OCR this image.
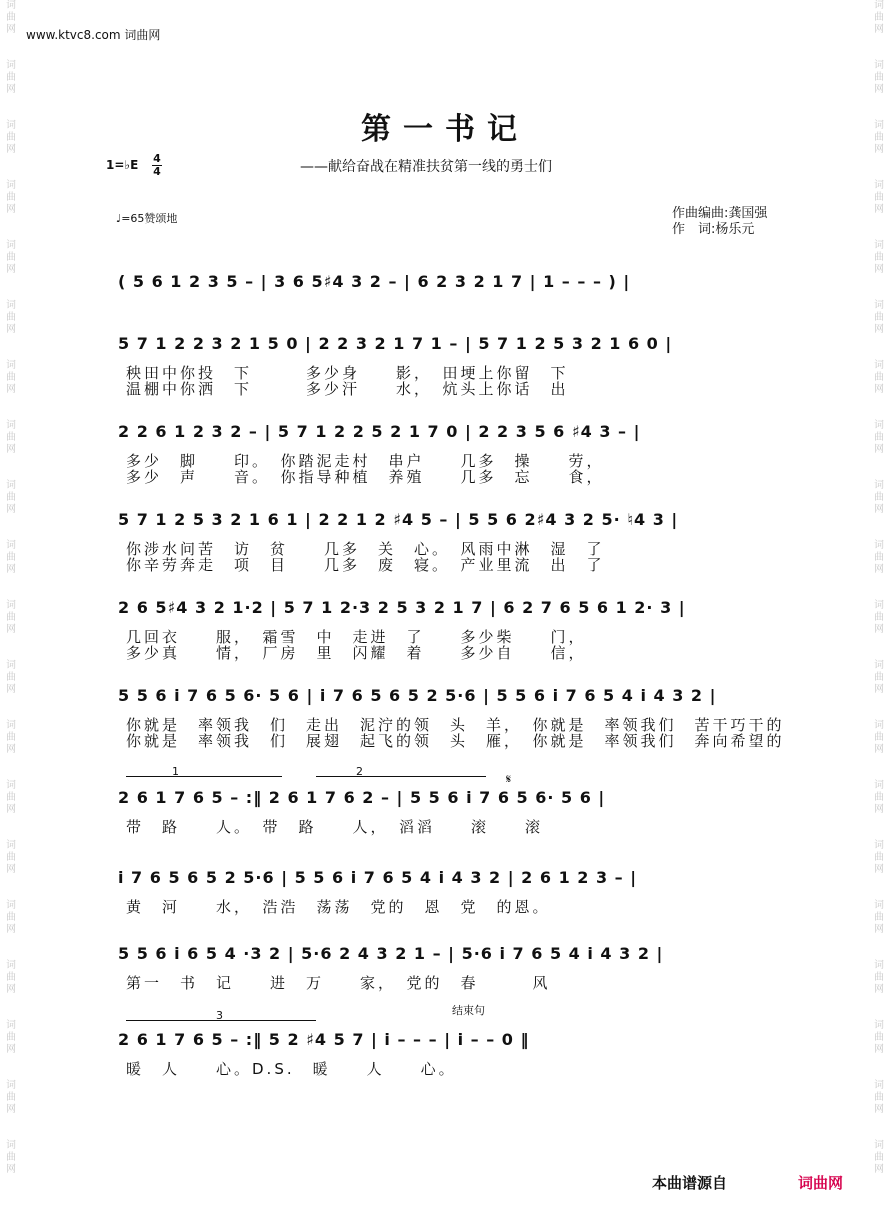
词
曲
网
词
曲
网
词
曲
网
词
曲
网
词
曲
网
词
曲
网
词
曲
网
词
曲
网
词
曲
网
词
曲
网
词
曲
网
词
曲
网
词
曲
网
词
曲
网
词
曲
网
词
曲
网
词
曲
网
词
曲
网
词
曲
网
词
曲
网
词
曲
网
词
曲
网
词
曲
网
词
曲
网
词
曲
网
词
曲
网
词
曲
网
词
曲
网
词
曲
网
词
曲
网
词
曲
网
词
曲
网
词
曲
网
词
曲
网
词
曲
网
词
曲
网
词
曲
网
词
曲
网
词
曲
网
词
曲
网
www.ktvc8.com 词曲网
第一书记
1=♭E 4
4	——献给奋战在精准扶贫第一线的勇士们
♩=65赞颂地	作曲编曲:龚国强
作　词:杨乐元
( 5 6 1 2 3 5 – | 3 6 5♯4 3 2 – | 6 2 3 2 1 7 | 1 – – – ) |
5 7 1 2 2 3 2 1 5 0 | 2 2 3 2 1 7 1 – | 5 7 1 2 5 3 2 1 6 0 |
秧田中你投　下　　　多少身　　影，　田埂上你留　下
温棚中你洒　下　　　多少汗　　水，　炕头上你话　出
2 2 6 1 2 3 2 – | 5 7 1 2 2 5 2 1 7 0 | 2 2 3 5 6 ♯4 3 – |
多少　脚　　印。　你踏泥走村　串户　　几多　操　　劳，
多少　声　　音。　你指导种植　养殖　　几多　忘　　食，
5 7 1 2 5 3 2 1 6 1 | 2 2 1 2 ♯4 5 – | 5 5 6 2♯4 3 2 5· ♮4 3 |
你涉水问苦　访　贫　　几多　关　心。　风雨中淋　湿　了
你辛劳奔走　项　目　　几多　废　寝。　产业里流　出　了
2 6 5♯4 3 2 1·2 | 5 7 1 2·3 2 5 3 2 1 7 | 6 2 7 6 5 6 1 2· 3 |
几回衣　　服，　霜雪　中　走进　了　　多少柴　　门，
多少真　　情，　厂房　里　闪耀　着　　多少自　　信，
5 5 6 i 7 6 5 6· 5 6 | i 7 6 5 6 5 2 5·6 | 5 5 6 i 7 6 5 4 i 4 3 2 |
你就是　率领我　们　走出　泥泞的领　头　羊，　你就是　率领我们　苦干巧干的
你就是　率领我　们　展翅　起飞的领　头　雁，　你就是　率领我们　奔向希望的
2 6 1 7 6 5 – :‖ 2 6 1 7 6 2 – | 5 5 6 i 7 6 5 6· 5 6 |
带　路　　人。　带　路　　人，　滔滔　　滚　　滚
i 7 6 5 6 5 2 5·6 | 5 5 6 i 7 6 5 4 i 4 3 2 | 2 6 1 2 3 – |
黄　河　　水，　浩浩　荡荡　党的　恩　党　的恩。
5 5 6 i 6 5 4 ·3 2 | 5·6 2 4 3 2 1 – | 5·6 i 7 6 5 4 i 4 3 2 |
第一　书　记　　进　万　　家，　党的　春　　　风
2 6 1 7 6 5 – :‖ 5 2 ♯4 5 7 | i – – – | i – – 0 ‖
暖　人　　心。D.S.　暖　　人　　心。
1	2
𝄋
3	结束句
本曲谱源自	词曲网
